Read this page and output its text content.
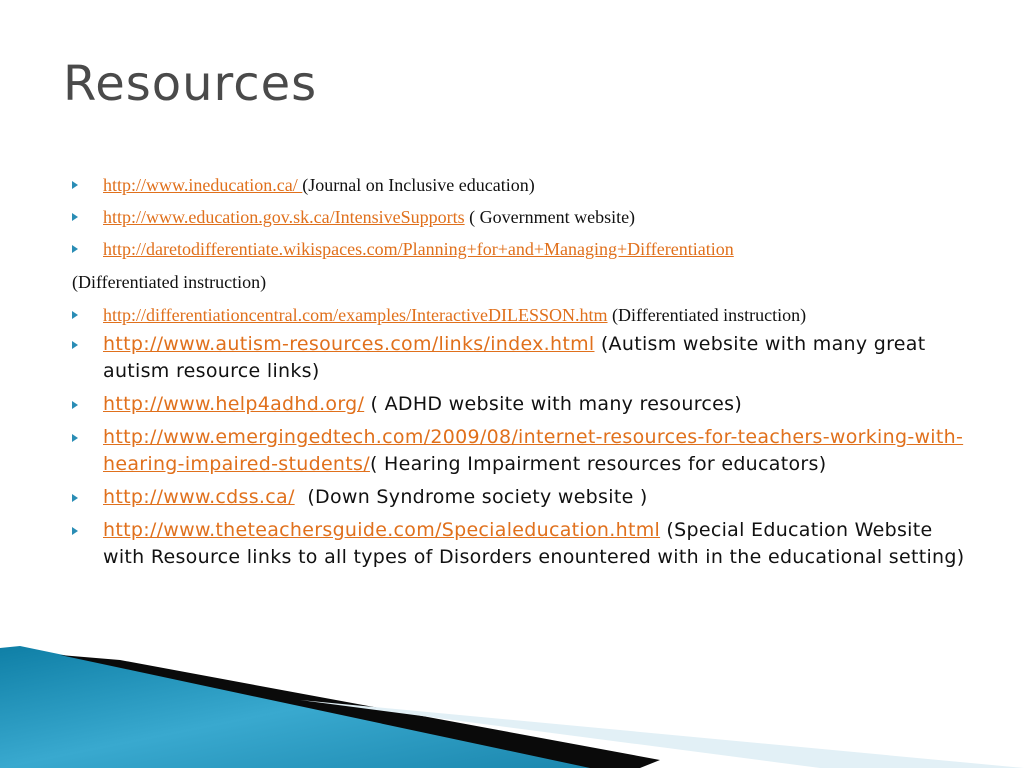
Resources
http://www.ineducation.ca/ (Journal on Inclusive education)
http://www.education.gov.sk.ca/IntensiveSupports ( Government website)
http://daretodifferentiate.wikispaces.com/Planning+for+and+Managing+Differentiation
(Differentiated instruction)
http://differentiationcentral.com/examples/InteractiveDILESSON.htm (Differentiated instruction)
http://www.autism-resources.com/links/index.html (Autism website with many great autism resource links)
http://www.help4adhd.org/ ( ADHD website with many resources)
http://www.emergingedtech.com/2009/08/internet-resources-for-teachers-working-with-hearing-impaired-students/( Hearing Impairment resources for educators)
http://www.cdss.ca/  (Down Syndrome society website )
http://www.theteachersguide.com/Specialeducation.html (Special Education Website with Resource links to all types of Disorders enountered with in the educational setting)
